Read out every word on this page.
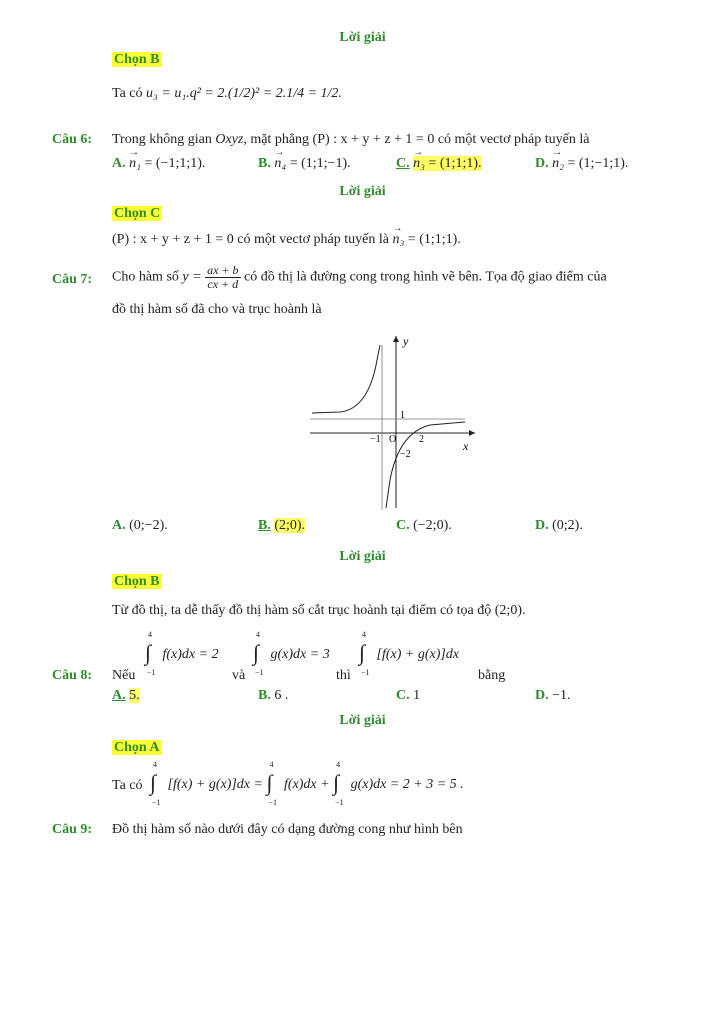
Lời giải
Chọn B
Ta có u₃ = u₁.q² = 2.(1/2)² = 2.1/4 = 1/2.
Câu 6: Trong không gian Oxyz, mặt phẳng (P) : x + y + z + 1 = 0 có một vectơ pháp tuyến là
A. → n₁ = (−1;1;1).	B. → n₄ = (1;1;−1).	C. → n₃ = (1;1;1).	D. → n₂ = (1;−1;1).
Lời giải
Chọn C
(P) : x + y + z + 1 = 0 có một vectơ pháp tuyến là → n₃ = (1;1;1).
Câu 7: Cho hàm số $y = \frac{ax + b}{cx + d}$ có đồ thị là đường cong trong hình vẽ bên. Tọa độ giao điểm của
đồ thị hàm số đã cho và trục hoành là
y
x
1
−1 O 2
−2
A. (0;−2).	B. (2;0).	C. (−2;0).	D. (0;2).
Lời giải
Chọn B
Từ đồ thị, ta dễ thấy đồ thị hàm số cắt trục hoành tại điểm có tọa độ (2;0).
Câu 8: Nếu
∫
4
−1
f(x)dx = 2
và
∫
4
−1
g(x)dx = 3
thì
∫
4
−1
[f(x) + g(x)]dx
bằng
A. 5.	B. 6 .	C. 1	D. −1.
Lời giải
Chọn A
Ta có ∫
4
−1
[f(x) + g(x)]dx = ∫
4
−1
f(x)dx + ∫
4
−1
g(x)dx = 2 + 3 = 5 .
Câu 9: Đồ thị hàm số nào dưới đây có dạng đường cong như hình bên
